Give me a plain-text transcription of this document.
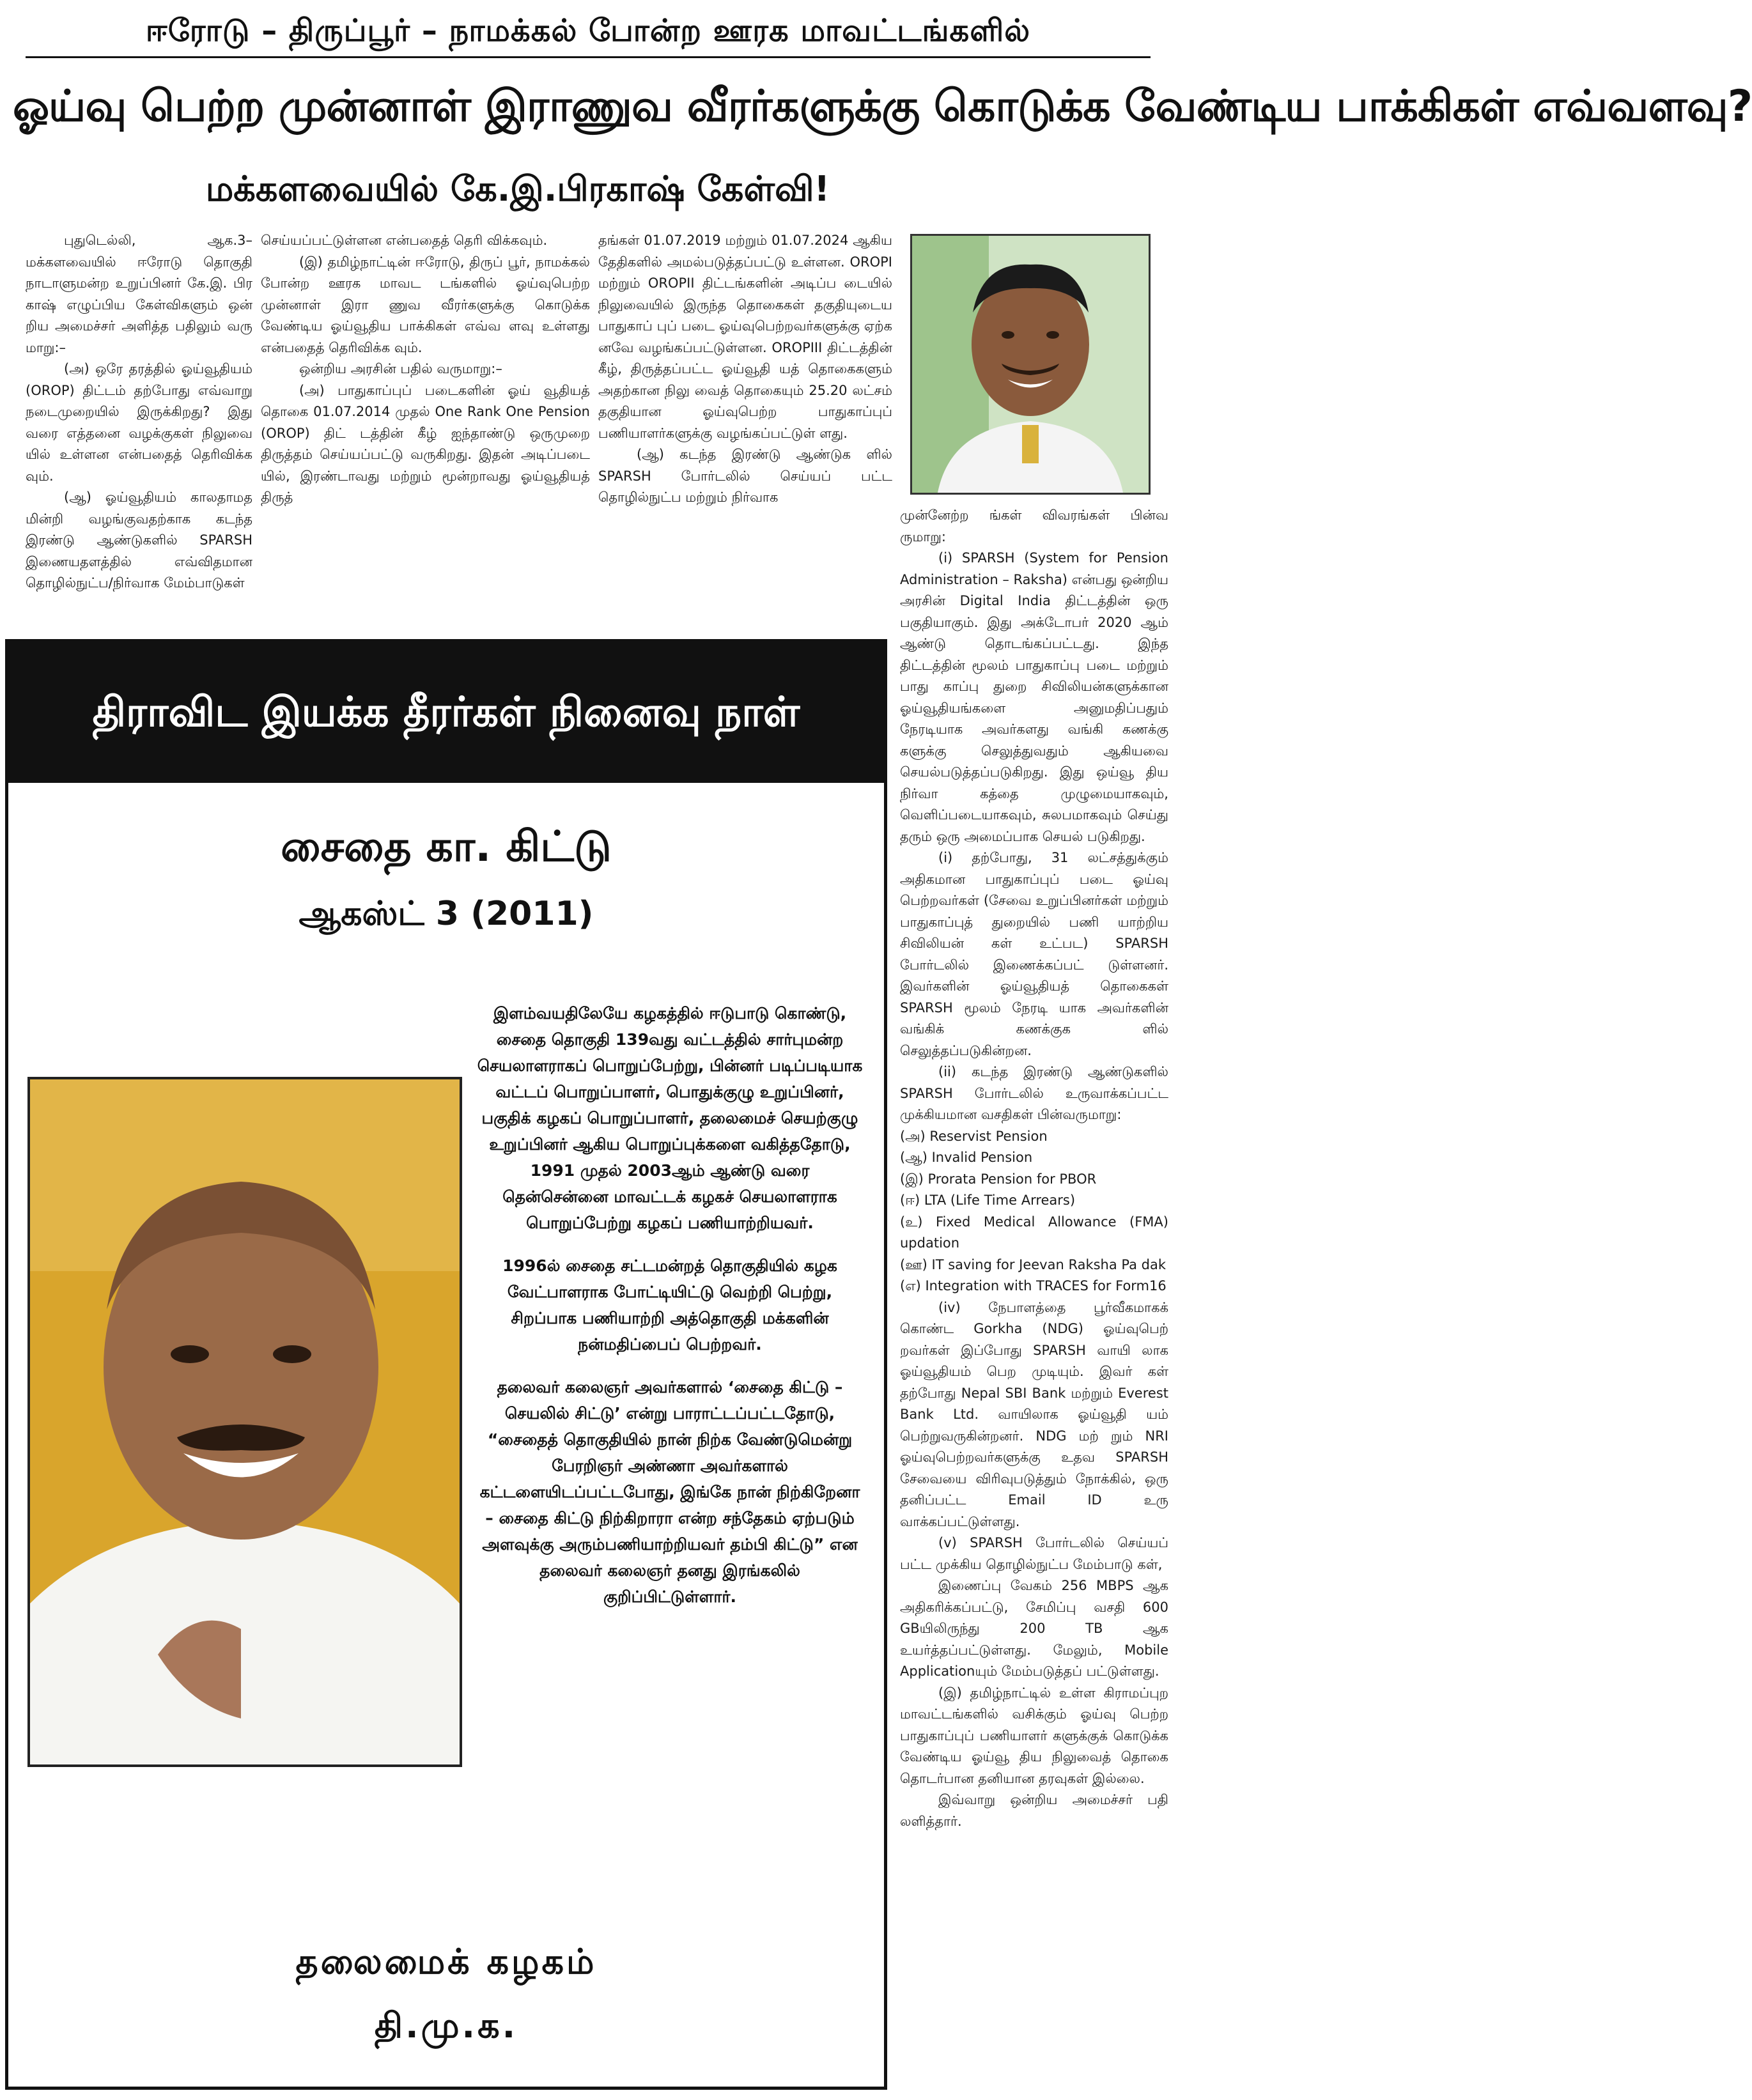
ஈரோடு – திருப்பூர் – நாமக்கல் போன்ற ஊரக மாவட்டங்களில்
ஓய்வு பெற்ற முன்னாள் இராணுவ வீரர்களுக்கு கொடுக்க வேண்டிய பாக்கிகள் எவ்வளவு?
மக்களவையில் கே.இ.பிரகாஷ் கேள்வி!

புதுடெல்லி, ஆக.3– மக்களவையில் ஈரோடு தொகுதி நாடாளுமன்ற உறுப்பினர் கே.இ. பிர காஷ் எழுப்பிய கேள்விகளும் ஒன் றிய அமைச்சர் அளித்த பதிலும் வரு மாறு:–

(அ) ஒரே தரத்தில் ஓய்வூதியம் (OROP) திட்டம் தற்போது எவ்வாறு நடைமுறையில் இருக்கிறது? இது வரை எத்தனை வழக்குகள் நிலுவை யில் உள்ளன என்பதைத் தெரிவிக்க வும்.

(ஆ) ஓய்வூதியம் காலதாமத மின்றி வழங்குவதற்காக கடந்த இரண்டு ஆண்டுகளில் SPARSH இணையதளத்தில் எவ்விதமான தொழில்நுட்ப/நிர்வாக மேம்பாடுகள்

செய்யப்பட்டுள்ளன என்பதைத் தெரி விக்கவும்.

(இ) தமிழ்நாட்டின் ஈரோடு, திருப் பூர், நாமக்கல் போன்ற ஊரக மாவட டங்களில் ஓய்வுபெற்ற முன்னாள் இரா ணுவ வீரர்களுக்கு கொடுக்க வேண்டிய ஓய்வூதிய பாக்கிகள் எவ்வ ளவு உள்ளது என்பதைத் தெரிவிக்க வும்.

ஒன்றிய அரசின் பதில் வருமாறு:–

(அ) பாதுகாப்புப் படைகளின் ஓய் வூதியத் தொகை 01.07.2014 முதல் One Rank One Pension (OROP) திட் டத்தின் கீழ் ஐந்தாண்டு ஒருமுறை திருத்தம் செய்யப்பட்டு வருகிறது. இதன் அடிப்படை யில், இரண்டாவது மற்றும் மூன்றாவது ஓய்வூதியத் திருத்

தங்கள் 01.07.2019 மற்றும் 01.07.2024 ஆகிய தேதிகளில் அமல்படுத்தப்பட்டு உள்ளன. OROPI மற்றும் OROPII திட்டங்களின் அடிப்ப டையில் நிலுவையில் இருந்த தொகைகள் தகுதியுடைய பாதுகாப் புப் படை ஓய்வுபெற்றவர்களுக்கு ஏற்க னவே வழங்கப்பட்டுள்ளன. OROPIII திட்டத்தின் கீழ், திருத்தப்பட்ட ஓய்வூதி யத் தொகைகளும் அதற்கான நிலு வைத் தொகையும் 25.20 லட்சம் தகுதியான ஓய்வுபெற்ற பாதுகாப்புப் பணியாளர்களுக்கு வழங்கப்பட்டுள் ளது.

(ஆ) கடந்த இரண்டு ஆண்டுக ளில் SPARSH போர்டலில் செய்யப் பட்ட தொழில்நுட்ப மற்றும் நிர்வாக

முன்னேற்ற ங்கள் விவரங்கள் பின்வ ருமாறு:

(i) SPARSH (System for Pension Administration – Raksha) என்பது ஒன்றிய அரசின் Digital India திட்டத்தின் ஒரு பகுதியாகும். இது அக்டோபர் 2020 ஆம் ஆண்டு தொடங்கப்பட்டது. இந்த திட்டத்தின் மூலம் பாதுகாப்பு படை மற்றும் பாது காப்பு துறை சிவிலியன்களுக்கான ஓய்வூதியங்களை அனுமதிப்பதும் நேரடியாக அவர்களது வங்கி கணக்கு களுக்கு செலுத்துவதும் ஆகியவை செயல்படுத்தப்படுகிறது. இது ஒய்வூ திய நிர்வா கத்தை முழுமையாகவும், வெளிப்படையாகவும், சுலபமாகவும் செய்து தரும் ஒரு அமைப்பாக செயல் படுகிறது.

(i) தற்போது, 31 லட்சத்துக்கும் அதிகமான பாதுகாப்புப் படை ஓய்வு பெற்றவர்கள் (சேவை உறுப்பினர்கள் மற்றும் பாதுகாப்புத் துறையில் பணி யாற்றிய சிவிலியன் கள் உட்பட) SPARSH போர்டலில் இணைக்கப்பட் டுள்ளனர். இவர்களின் ஓய்வூதியத் தொகைகள் SPARSH மூலம் நேரடி யாக அவர்களின் வங்கிக் கணக்குக ளில் செலுத்தப்படுகின்றன.

(ii) கடந்த இரண்டு ஆண்டுகளில் SPARSH போர்டலில் உருவாக்கப்பட்ட முக்கியமான வசதிகள் பின்வருமாறு:

(அ) Reservist Pension

(ஆ) Invalid Pension

(இ) Prorata Pension for PBOR

(ஈ) LTA (Life Time Arrears)

(உ) Fixed Medical Allowance (FMA) updation

(ஊ) IT saving for Jeevan Raksha Pa dak

(எ) Integration with TRACES for Form16

(iv) நேபாளத்தை பூர்வீகமாகக் கொண்ட Gorkha (NDG) ஓய்வுபெற் றவர்கள் இப்போது SPARSH வாயி லாக ஓய்வூதியம் பெற முடியும். இவர் கள் தற்போது Nepal SBI Bank மற்றும் Everest Bank Ltd. வாயிலாக ஓய்வூதி யம் பெற்றுவருகின்றனர். NDG மற் றும் NRI ஓய்வுபெற்றவர்களுக்கு உதவ SPARSH சேவையை விரிவுபடுத்தும் நோக்கில், ஒரு தனிப்பட்ட Email ID உரு வாக்கப்பட்டுள்ளது.

(v) SPARSH போர்டலில் செய்யப் பட்ட முக்கிய தொழில்நுட்ப மேம்பாடு கள்,

இணைப்பு வேகம் 256 MBPS ஆக அதிகரிக்கப்பட்டு, சேமிப்பு வசதி 600 GBயிலிருந்து 200 TB ஆக உயர்த்தப்பட்டுள்ளது. மேலும், Mobile Applicationயும் மேம்படுத்தப் பட்டுள்ளது.

(இ) தமிழ்நாட்டில் உள்ள கிராமப்புற மாவட்டங்களில் வசிக்கும் ஓய்வு பெற்ற பாதுகாப்புப் பணியாளர் களுக்குக் கொடுக்க வேண்டிய ஓய்வூ திய நிலுவைத் தொகை தொடர்பான தனியான தரவுகள் இல்லை.

இவ்வாறு ஒன்றிய அமைச்சர் பதி லளித்தார்.

திராவிட இயக்க தீரர்கள் நினைவு நாள்
சைதை கா. கிட்டு
ஆகஸ்ட் 3 (2011)

இளம்வயதிலேயே கழகத்தில் ஈடுபாடு கொண்டு, சைதை தொகுதி 139வது வட்டத்தில் சார்புமன்ற செயலாளராகப் பொறுப்பேற்று, பின்னர் படிப்படியாக வட்டப் பொறுப்பாளர், பொதுக்குழு உறுப்பினர், பகுதிக் கழகப் பொறுப்பாளர், தலைமைச் செயற்குழு உறுப்பினர் ஆகிய பொறுப்புக்களை வகித்ததோடு, 1991 முதல் 2003ஆம் ஆண்டு வரை தென்சென்னை மாவட்டக் கழகச் செயலாளராக பொறுப்பேற்று கழகப் பணியாற்றியவர்.

1996ல் சைதை சட்டமன்றத் தொகுதியில் கழக வேட்பாளராக போட்டியிட்டு வெற்றி பெற்று, சிறப்பாக பணியாற்றி அத்தொகுதி மக்களின் நன்மதிப்பைப் பெற்றவர்.

தலைவர் கலைஞர் அவர்களால் ‘சைதை கிட்டு – செயலில் சிட்டு’ என்று பாராட்டப்பட்டதோடு, “சைதைத் தொகுதியில் நான் நிற்க வேண்டுமென்று பேரறிஞர் அண்ணா அவர்களால் கட்டளையிடப்பட்டபோது, இங்கே நான் நிற்கிறேனா – சைதை கிட்டு நிற்கிறாரா என்ற சந்தேகம் ஏற்படும் அளவுக்கு அரும்பணியாற்றியவர் தம்பி கிட்டு” என தலைவர் கலைஞர் தனது இரங்கலில் குறிப்பிட்டுள்ளார்.

தலைமைக் கழகம்
தி.மு.க.
